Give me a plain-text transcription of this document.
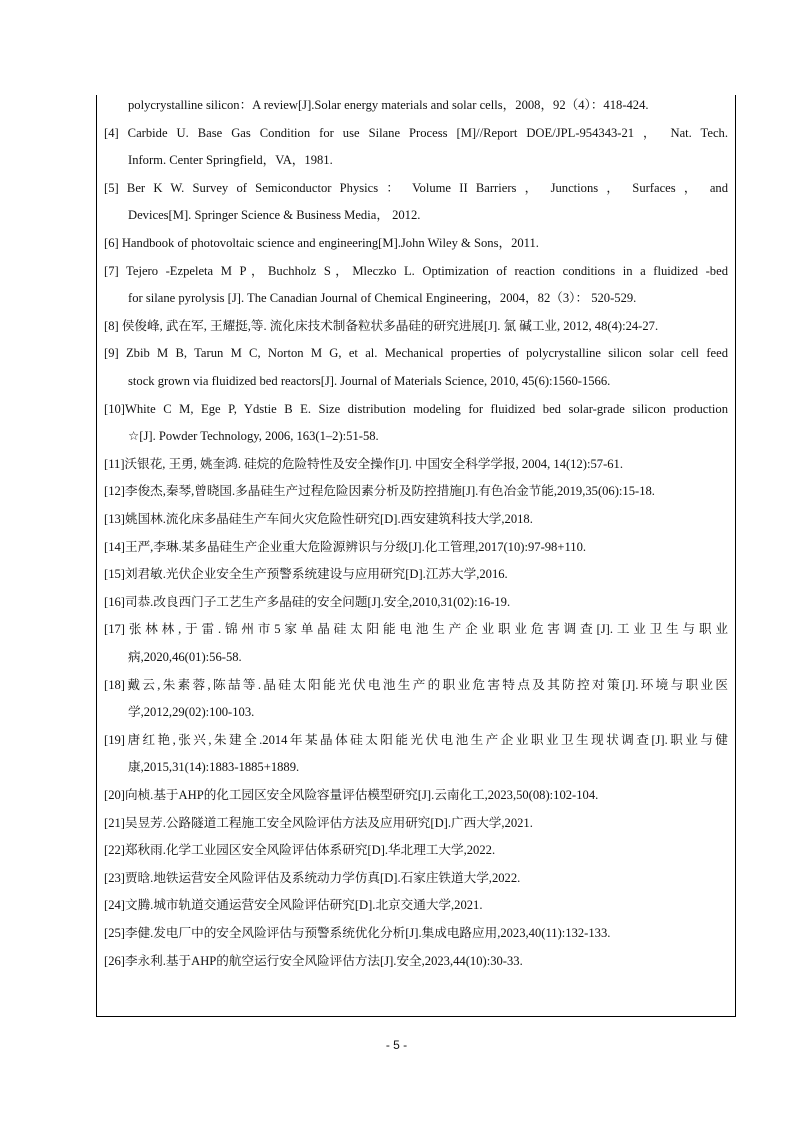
polycrystalline silicon：A review[J].Solar energy materials and solar cells，2008，92（4）：418-424.
[4] Carbide U. Base Gas Condition for use Silane Process [M]//Report DOE/JPL-954343-21 ， Nat. Tech.
Inform. Center Springfield，VA，1981.
[5] Ber K W. Survey of Semiconductor Physics ： Volume II Barriers ， Junctions ， Surfaces ， and
Devices[M]. Springer Science & Business Media， 2012.
[6] Handbook of photovoltaic science and engineering[M].John Wiley & Sons，2011.
[7] Tejero -Ezpeleta M P，Buchholz S，Mleczko L. Optimization of reaction conditions in a fluidized -bed
for silane pyrolysis [J]. The Canadian Journal of Chemical Engineering，2004，82（3）： 520-529.
[8] 侯俊峰, 武在军, 王耀挺,等. 流化床技术制备粒状多晶硅的研究进展[J]. 氯 碱工业, 2012, 48(4):24-27.
[9] Zbib M B, Tarun M C, Norton M G, et al. Mechanical properties of polycrystalline silicon solar cell feed
stock grown via fluidized bed reactors[J]. Journal of Materials Science, 2010, 45(6):1560-1566.
[10]White C M, Ege P, Ydstie B E. Size distribution modeling for fluidized bed solar-grade silicon production
☆[J]. Powder Technology, 2006, 163(1–2):51-58.
[11]沃银花, 王勇, 姚奎鸿. 硅烷的危险特性及安全操作[J]. 中国安全科学学报, 2004, 14(12):57-61.
[12]李俊杰,秦琴,曾晓国.多晶硅生产过程危险因素分析及防控措施[J].有色冶金节能,2019,35(06):15-18.
[13]姚国林.流化床多晶硅生产车间火灾危险性研究[D].西安建筑科技大学,2018.
[14]王严,李琳.某多晶硅生产企业重大危险源辨识与分级[J].化工管理,2017(10):97-98+110.
[15]刘君敏.光伏企业安全生产预警系统建设与应用研究[D].江苏大学,2016.
[16]司恭.改良西门子工艺生产多晶硅的安全问题[J].安全,2010,31(02):16-19.
[17]张林林,于雷.锦州市5家单晶硅太阳能电池生产企业职业危害调查[J].工业卫生与职业
病,2020,46(01):56-58.
[18]戴云,朱素蓉,陈喆等.晶硅太阳能光伏电池生产的职业危害特点及其防控对策[J].环境与职业医
学,2012,29(02):100-103.
[19]唐红艳,张兴,朱建全.2014年某晶体硅太阳能光伏电池生产企业职业卫生现状调查[J].职业与健
康,2015,31(14):1883-1885+1889.
[20]向桢.基于AHP的化工园区安全风险容量评估模型研究[J].云南化工,2023,50(08):102-104.
[21]吴昱芳.公路隧道工程施工安全风险评估方法及应用研究[D].广西大学,2021.
[22]郑秋雨.化学工业园区安全风险评估体系研究[D].华北理工大学,2022.
[23]贾晗.地铁运营安全风险评估及系统动力学仿真[D].石家庄铁道大学,2022.
[24]文腾.城市轨道交通运营安全风险评估研究[D].北京交通大学,2021.
[25]李健.发电厂中的安全风险评估与预警系统优化分析[J].集成电路应用,2023,40(11):132-133.
[26]李永利.基于AHP的航空运行安全风险评估方法[J].安全,2023,44(10):30-33.
- 5 -
